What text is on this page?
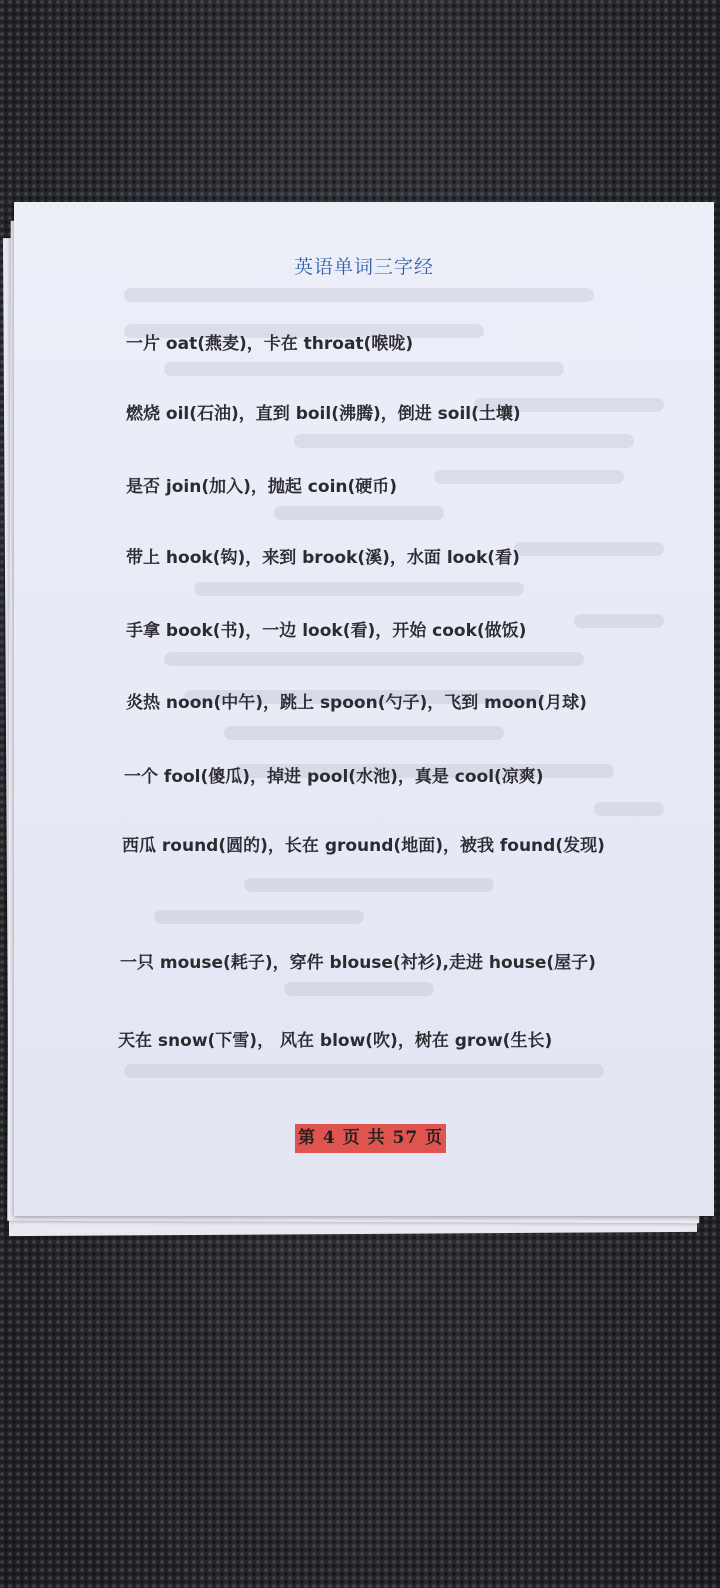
英语单词三字经
一片 oat(燕麦)，卡在 throat(喉咙)
燃烧 oil(石油)，直到 boil(沸腾)，倒进 soil(土壤)
是否 join(加入)，抛起 coin(硬币)
带上 hook(钩)，来到 brook(溪)，水面 look(看)
手拿 book(书)，一边 look(看)，开始 cook(做饭)
炎热 noon(中午)，跳上 spoon(勺子)，飞到 moon(月球)
一个 fool(傻瓜)，掉进 pool(水池)，真是 cool(凉爽)
西瓜 round(圆的)，长在 ground(地面)，被我 found(发现)
一只 mouse(耗子)，穿件 blouse(衬衫),走进 house(屋子)
天在 snow(下雪)， 风在 blow(吹)，树在 grow(生长)
第 4 页 共 57 页
